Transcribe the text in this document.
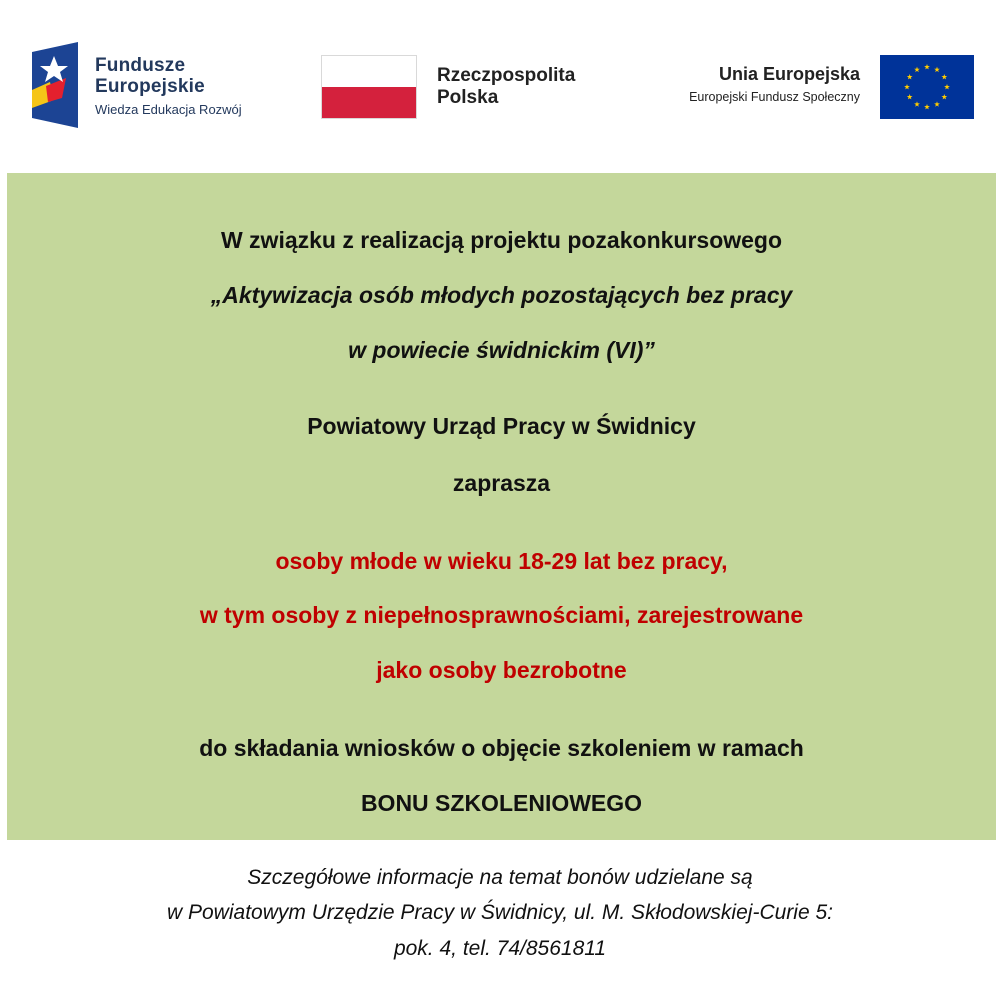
Fundusze
Europejskie
Wiedza Edukacja Rozwój
Rzeczpospolita
Polska
Unia Europejska
Europejski Fundusz Społeczny
W związku z realizacją projektu pozakonkursowego
„Aktywizacja osób młodych pozostających bez pracy
w powiecie świdnickim (VI)”
Powiatowy Urząd Pracy w Świdnicy
zaprasza
osoby młode w wieku 18-29 lat bez pracy,
w tym osoby z niepełnosprawnościami, zarejestrowane
jako osoby bezrobotne
do składania wniosków o objęcie szkoleniem w ramach
BONU SZKOLENIOWEGO
Szczegółowe informacje na temat bonów udzielane są
w Powiatowym Urzędzie Pracy w Świdnicy, ul. M. Skłodowskiej-Curie 5:
pok. 4, tel. 74/8561811
